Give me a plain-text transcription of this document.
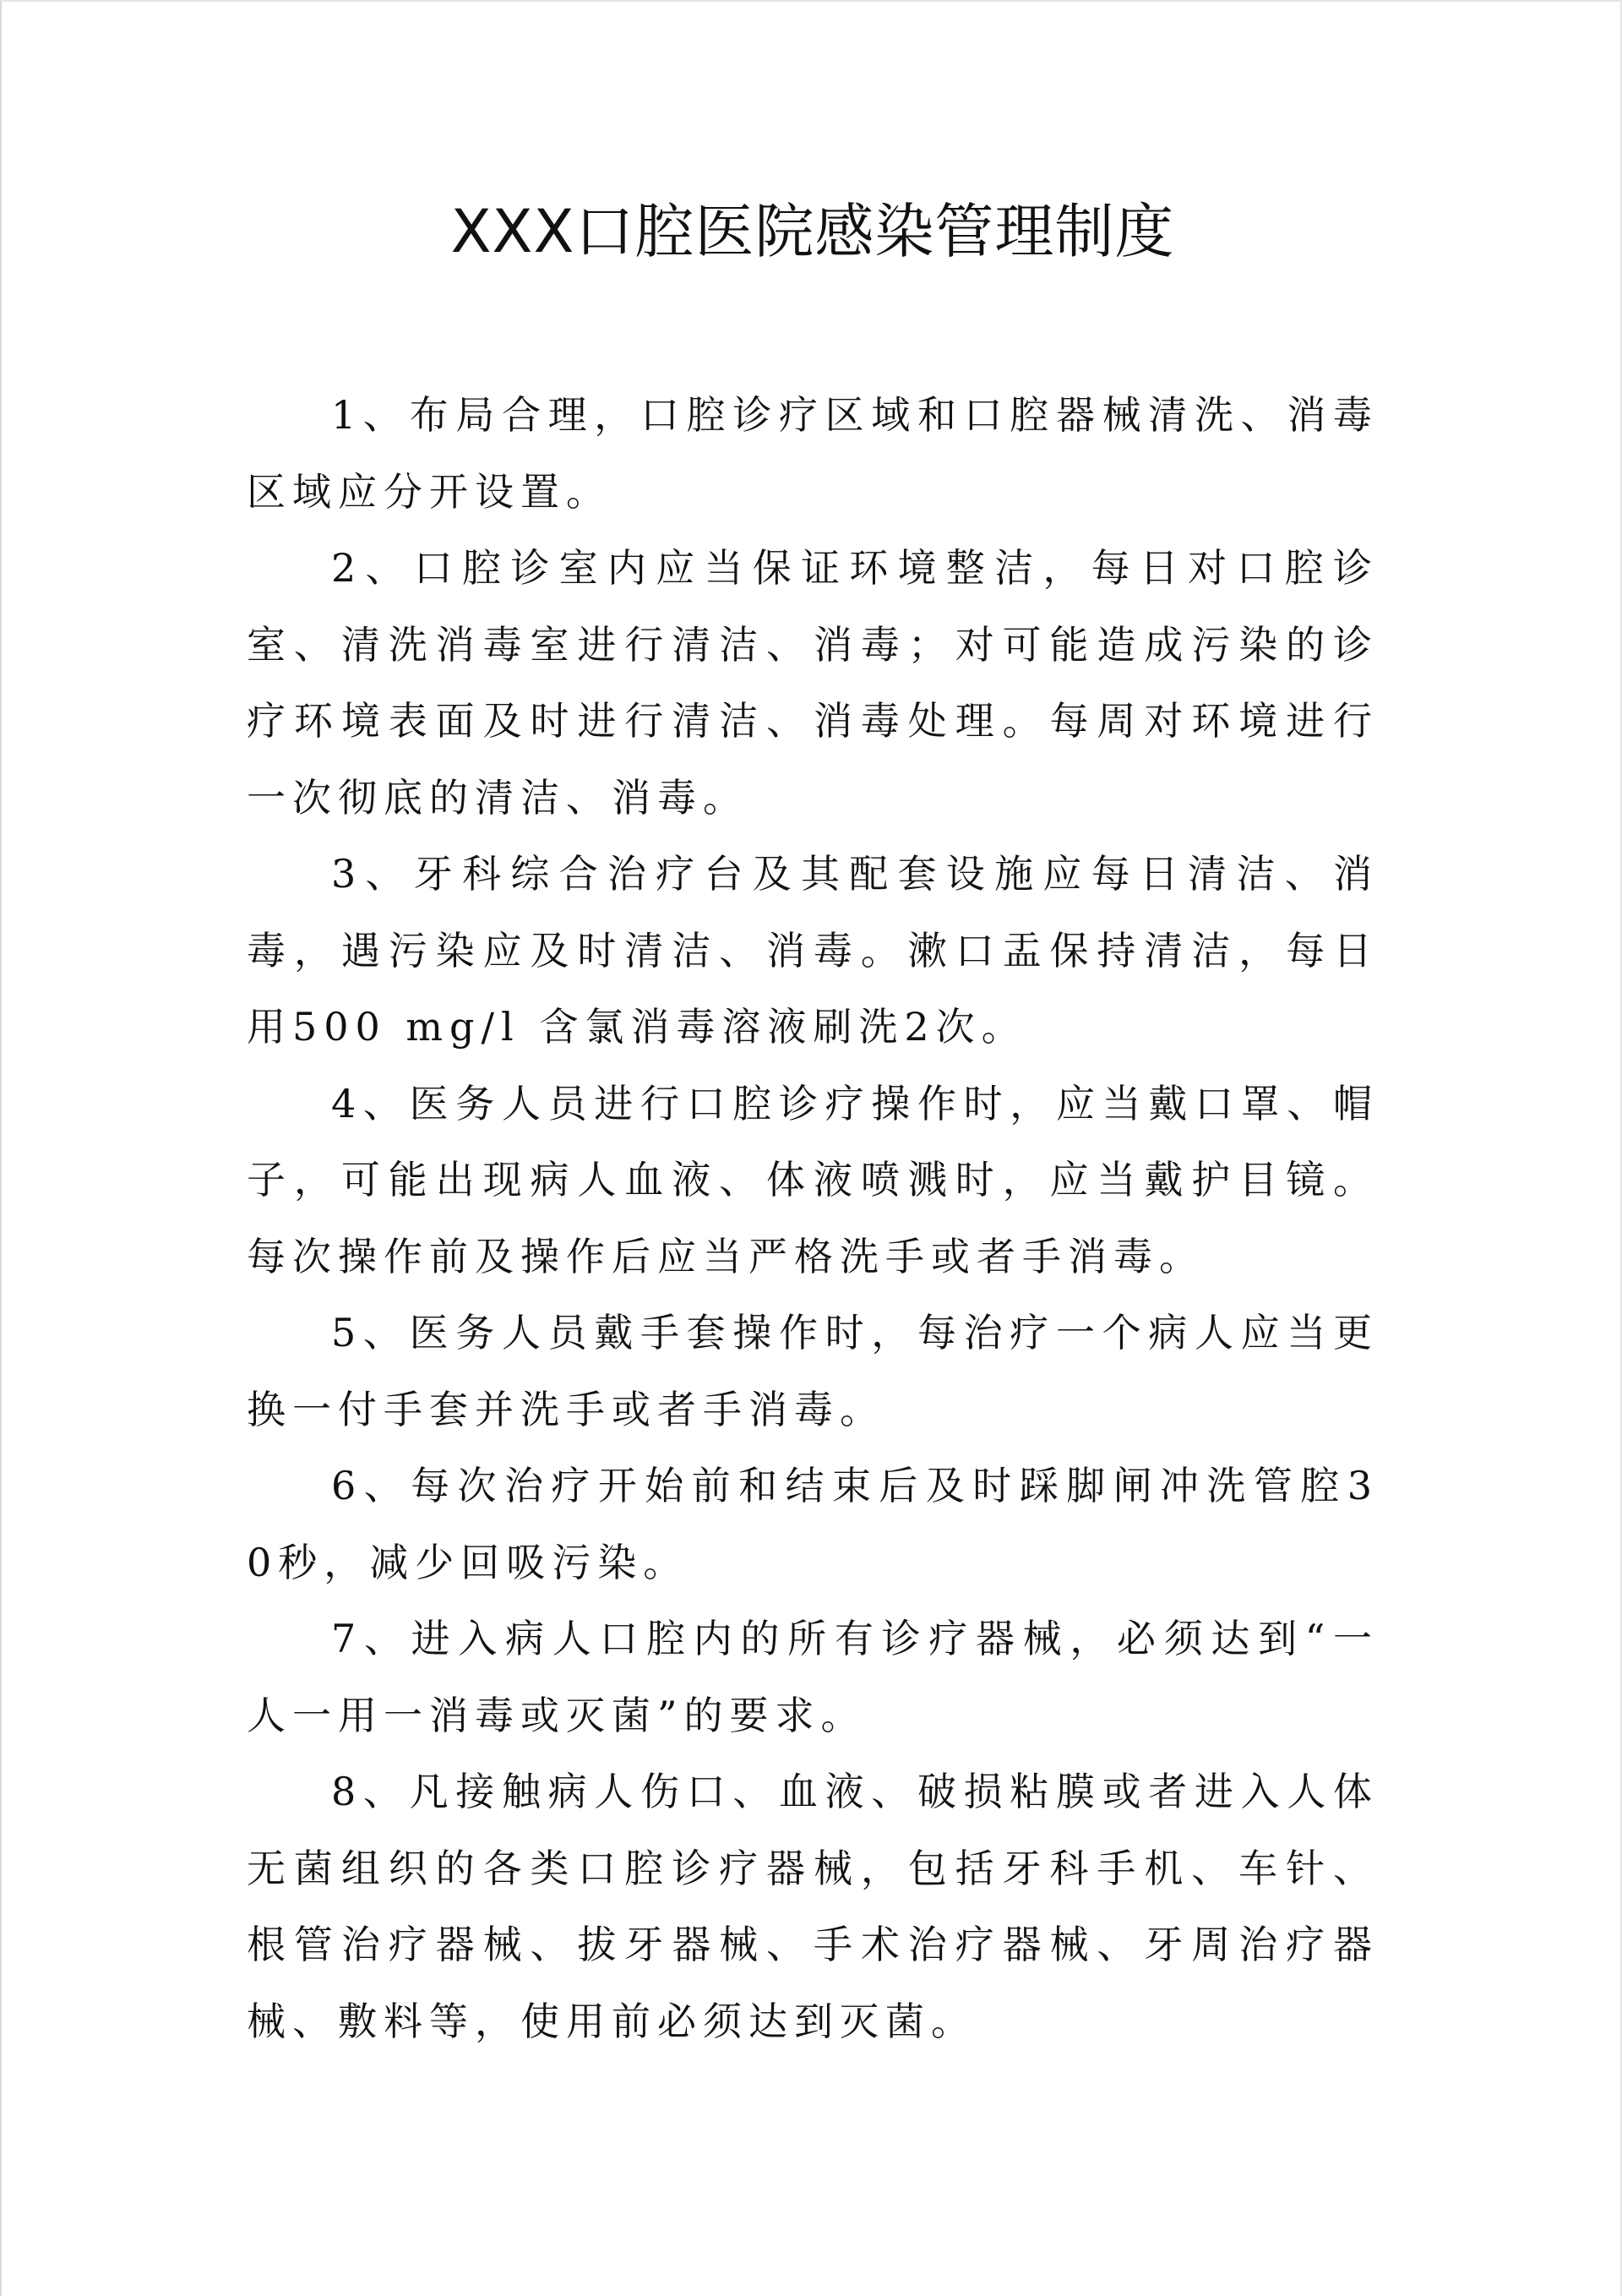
XXX口腔医院感染管理制度

1、布局合理，口腔诊疗区域和口腔器械清洗、消毒区域应分开设置。

2、口腔诊室内应当保证环境整洁，每日对口腔诊室、清洗消毒室进行清洁、消毒；对可能造成污染的诊疗环境表面及时进行清洁、消毒处理。每周对环境进行一次彻底的清洁、消毒。

3、牙科综合治疗台及其配套设施应每日清洁、消毒，遇污染应及时清洁、消毒。漱口盂保持清洁，每日用500 mg/l 含氯消毒溶液刷洗2次。

4、医务人员进行口腔诊疗操作时，应当戴口罩、帽子，可能出现病人血液、体液喷溅时，应当戴护目镜。每次操作前及操作后应当严格洗手或者手消毒。

5、医务人员戴手套操作时，每治疗一个病人应当更换一付手套并洗手或者手消毒。

6、每次治疗开始前和结束后及时踩脚闸冲洗管腔30秒，减少回吸污染。

7、进入病人口腔内的所有诊疗器械，必须达到“一人一用一消毒或灭菌”的要求。

8、凡接触病人伤口、血液、破损粘膜或者进入人体无菌组织的各类口腔诊疗器械，包括牙科手机、车针、根管治疗器械、拔牙器械、手术治疗器械、牙周治疗器械、敷料等，使用前必须达到灭菌。
